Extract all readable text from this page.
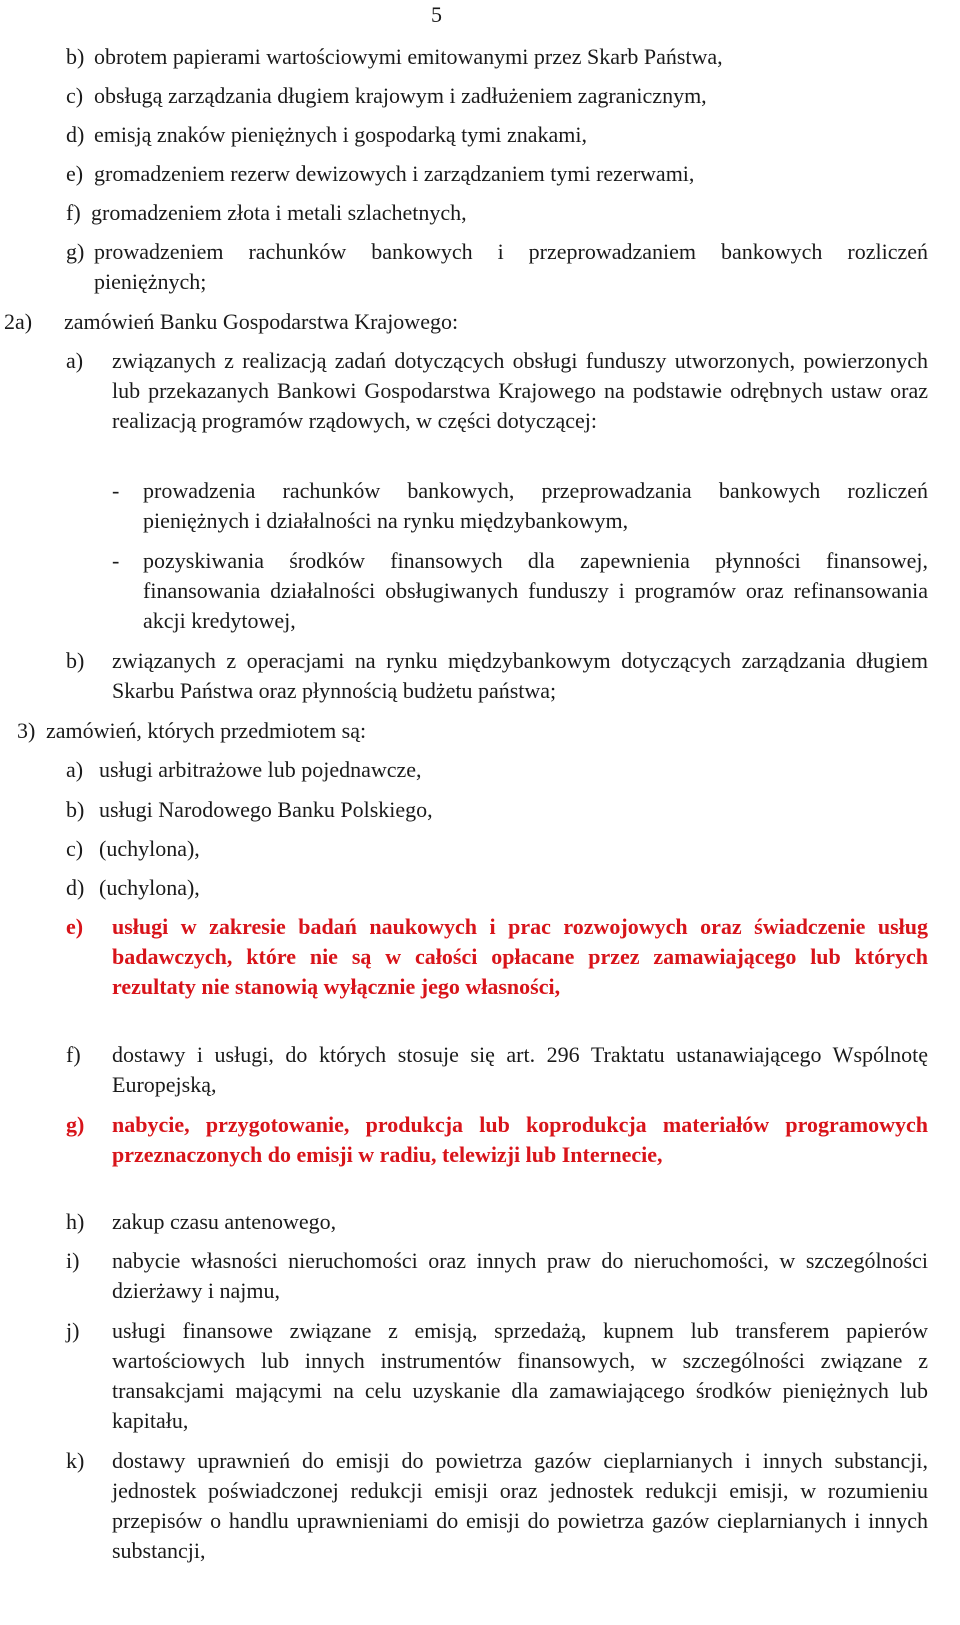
5
b) obrotem papierami wartościowymi emitowanymi przez Skarb Państwa,
c) obsługą zarządzania długiem krajowym i zadłużeniem zagranicznym,
d) emisją znaków pieniężnych i gospodarką tymi znakami,
e) gromadzeniem rezerw dewizowych i zarządzaniem tymi rezerwami,
f) gromadzeniem złota i metali szlachetnych,
g) prowadzeniem rachunków bankowych i przeprowadzaniem bankowych rozliczeń pieniężnych;
2a) zamówień Banku Gospodarstwa Krajowego:
a) związanych z realizacją zadań dotyczących obsługi funduszy utworzonych, powierzonych lub przekazanych Bankowi Gospodarstwa Krajowego na podstawie odrębnych ustaw oraz realizacją programów rządowych, w części dotyczącej:
- prowadzenia rachunków bankowych, przeprowadzania bankowych rozliczeń pieniężnych i działalności na rynku międzybankowym,
- pozyskiwania środków finansowych dla zapewnienia płynności finansowej, finansowania działalności obsługiwanych funduszy i programów oraz refinansowania akcji kredytowej,
b) związanych z operacjami na rynku międzybankowym dotyczących zarządzania długiem Skarbu Państwa oraz płynnością budżetu państwa;
3) zamówień, których przedmiotem są:
a) usługi arbitrażowe lub pojednawcze,
b) usługi Narodowego Banku Polskiego,
c) (uchylona),
d) (uchylona),
e) usługi w zakresie badań naukowych i prac rozwojowych oraz świadczenie usług badawczych, które nie są w całości opłacane przez zamawiającego lub których rezultaty nie stanowią wyłącznie jego własności,
f) dostawy i usługi, do których stosuje się art. 296 Traktatu ustanawiającego Wspólnotę Europejską,
g) nabycie, przygotowanie, produkcja lub koprodukcja materiałów programowych przeznaczonych do emisji w radiu, telewizji lub Internecie,
h) zakup czasu antenowego,
i) nabycie własności nieruchomości oraz innych praw do nieruchomości, w szczególności dzierżawy i najmu,
j) usługi finansowe związane z emisją, sprzedażą, kupnem lub transferem papierów wartościowych lub innych instrumentów finansowych, w szczególności związane z transakcjami mającymi na celu uzyskanie dla zamawiającego środków pieniężnych lub kapitału,
k) dostawy uprawnień do emisji do powietrza gazów cieplarnianych i innych substancji, jednostek poświadczonej redukcji emisji oraz jednostek redukcji emisji, w rozumieniu przepisów o handlu uprawnieniami do emisji do powietrza gazów cieplarnianych i innych substancji,
